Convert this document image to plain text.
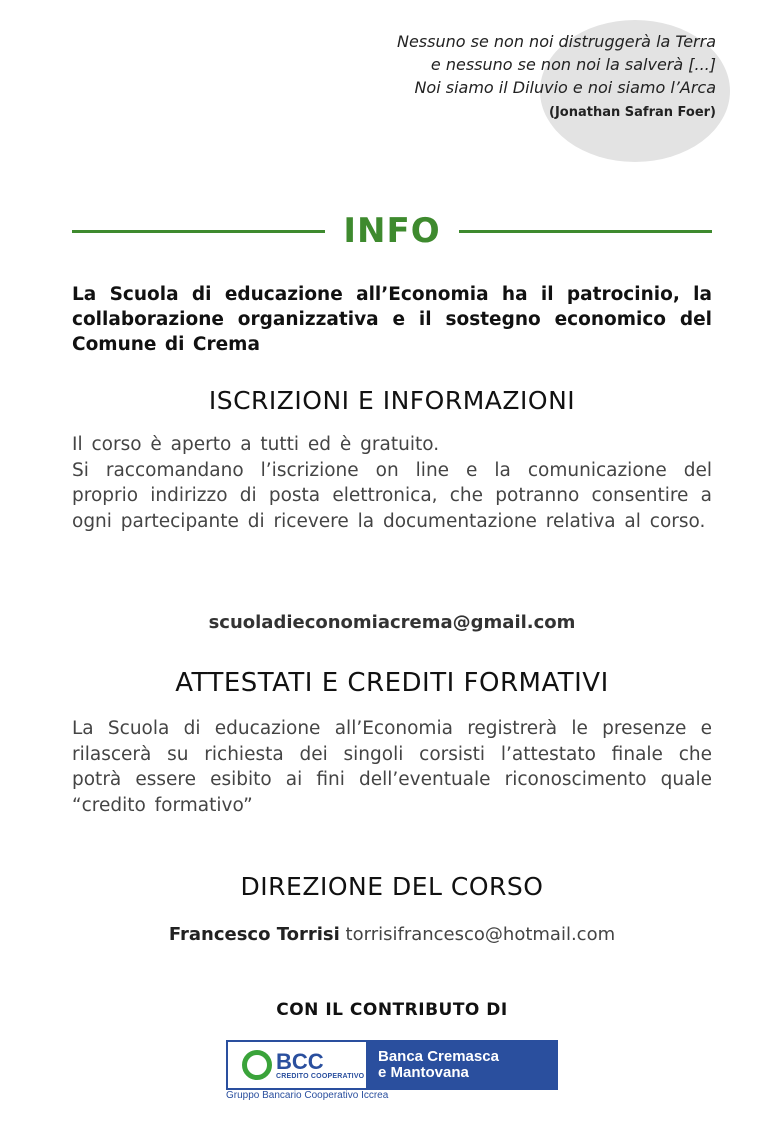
Nessuno se non noi distruggerà la Terra
e nessuno se non noi la salverà [...]
Noi siamo il Diluvio e noi siamo l’Arca
(Jonathan Safran Foer)
INFO
La Scuola di educazione all’Economia ha il patrocinio, la collaborazione organizzativa e il sostegno economico del Comune di Crema
ISCRIZIONI E INFORMAZIONI
Il corso è aperto a tutti ed è gratuito.
Si raccomandano l’iscrizione on line e la comunicazione del proprio indirizzo di posta elettronica, che potranno consentire a ogni partecipante di ricevere la documentazione relativa al corso.
scuoladieconomiacrema@gmail.com
ATTESTATI E CREDITI FORMATIVI
La Scuola di educazione all’Economia registrerà le presenze e rilascerà su richiesta dei singoli corsisti l’attestato finale che potrà essere esibito ai fini dell’eventuale riconoscimento quale “credito formativo”
DIREZIONE DEL CORSO
Francesco Torrisi torrisifrancesco@hotmail.com
CON IL CONTRIBUTO DI
BCC
CREDITO COOPERATIVO
Banca Cremasca
e Mantovana
Gruppo Bancario Cooperativo Iccrea
